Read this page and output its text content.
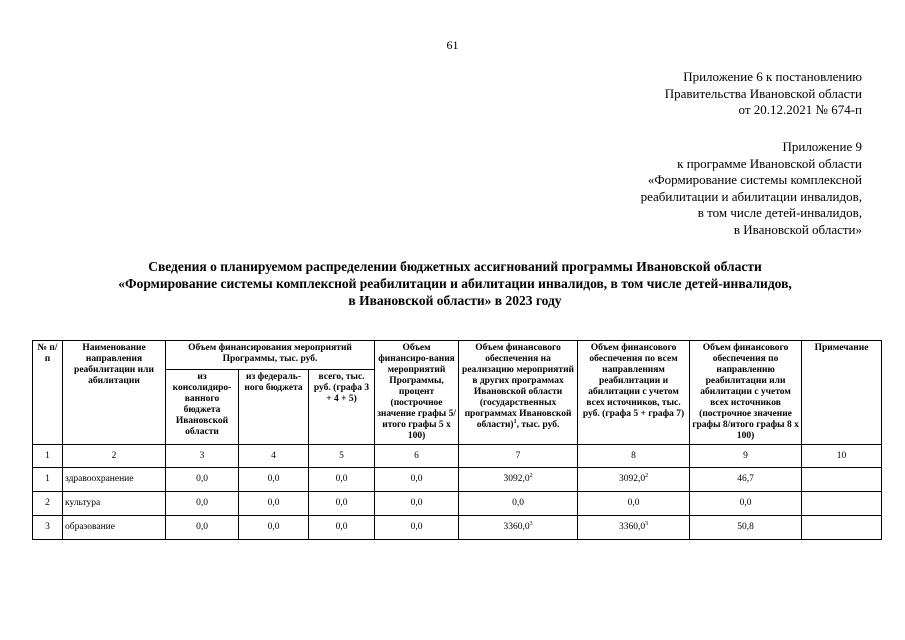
61
Приложение 6 к постановлению
Правительства Ивановской области
от 20.12.2021 № 674-п
Приложение 9
к программе Ивановской области
«Формирование системы комплексной
реабилитации и абилитации инвалидов,
в том числе детей-инвалидов,
в Ивановской области»
Сведения о планируемом распределении бюджетных ассигнований программы Ивановской области
«Формирование системы комплексной реабилитации и абилитации инвалидов, в том числе детей-инвалидов,
в Ивановской области» в 2023 году
№ п/п	Наименование направления реабилитации или абилитации	Объем финансирования мероприятий Программы, тыс. руб.			Объем финансиро-вания мероприятий Программы, процент (построчное значение графы 5/итого графы 5 x 100)	Объем финансового обеспечения на реализацию мероприятий в других программах Ивановской области (государственных программах Ивановской области)$^1$, тыс. руб.	Объем финансового обеспечения по всем направлениям реабилитации и абилитации с учетом всех источников, тыс. руб. (графа 5 + графа 7)	Объем финансового обеспечения по направлению реабилитации или абилитации с учетом всех источников (построчное значение графы 8/итого графы 8 x 100)	Примечание
		из консолидиро-ванного бюджета Ивановской области	из федераль-ного бюджета	всего, тыс. руб. (графа 3 + 4 + 5)					
1	2	3	4	5	6	7	8	9	10
1	здравоохранение	0,0	0,0	0,0	0,0	3092,0$^2$	3092,0$^2$	46,7	
2	культура	0,0	0,0	0,0	0,0	0,0	0,0	0,0	
3	образование	0,0	0,0	0,0	0,0	3360,0$^3$	3360,0$^3$	50,8	
